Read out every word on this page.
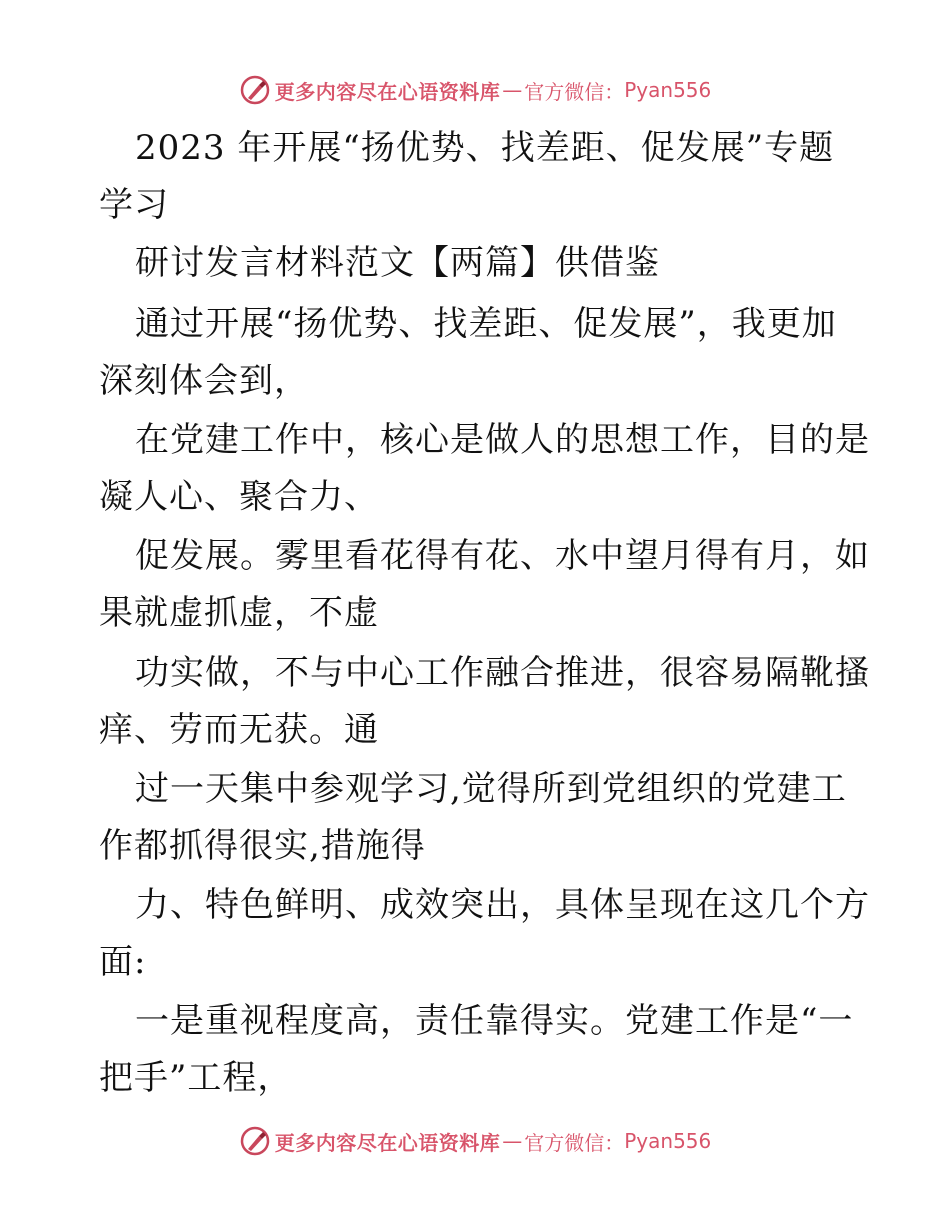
更多内容尽在心语资料库 — 官方微信： Pyan556
2023 年开展“扬优势、找差距、促发展”专题
学习
研讨发言材料范文【两篇】供借鉴
通过开展“扬优势、找差距、促发展”，我更加
深刻体会到，
在党建工作中，核心是做人的思想工作，目的是
凝人心、聚合力、
促发展。雾里看花得有花、水中望月得有月，如
果就虚抓虚，不虚
功实做，不与中心工作融合推进，很容易隔靴搔
痒、劳而无获。通
过一天集中参观学习,觉得所到党组织的党建工
作都抓得很实,措施得
力、特色鲜明、成效突出，具体呈现在这几个方
面:
一是重视程度高，责任靠得实。党建工作是“一
把手”工程，
更多内容尽在心语资料库 — 官方微信： Pyan556
